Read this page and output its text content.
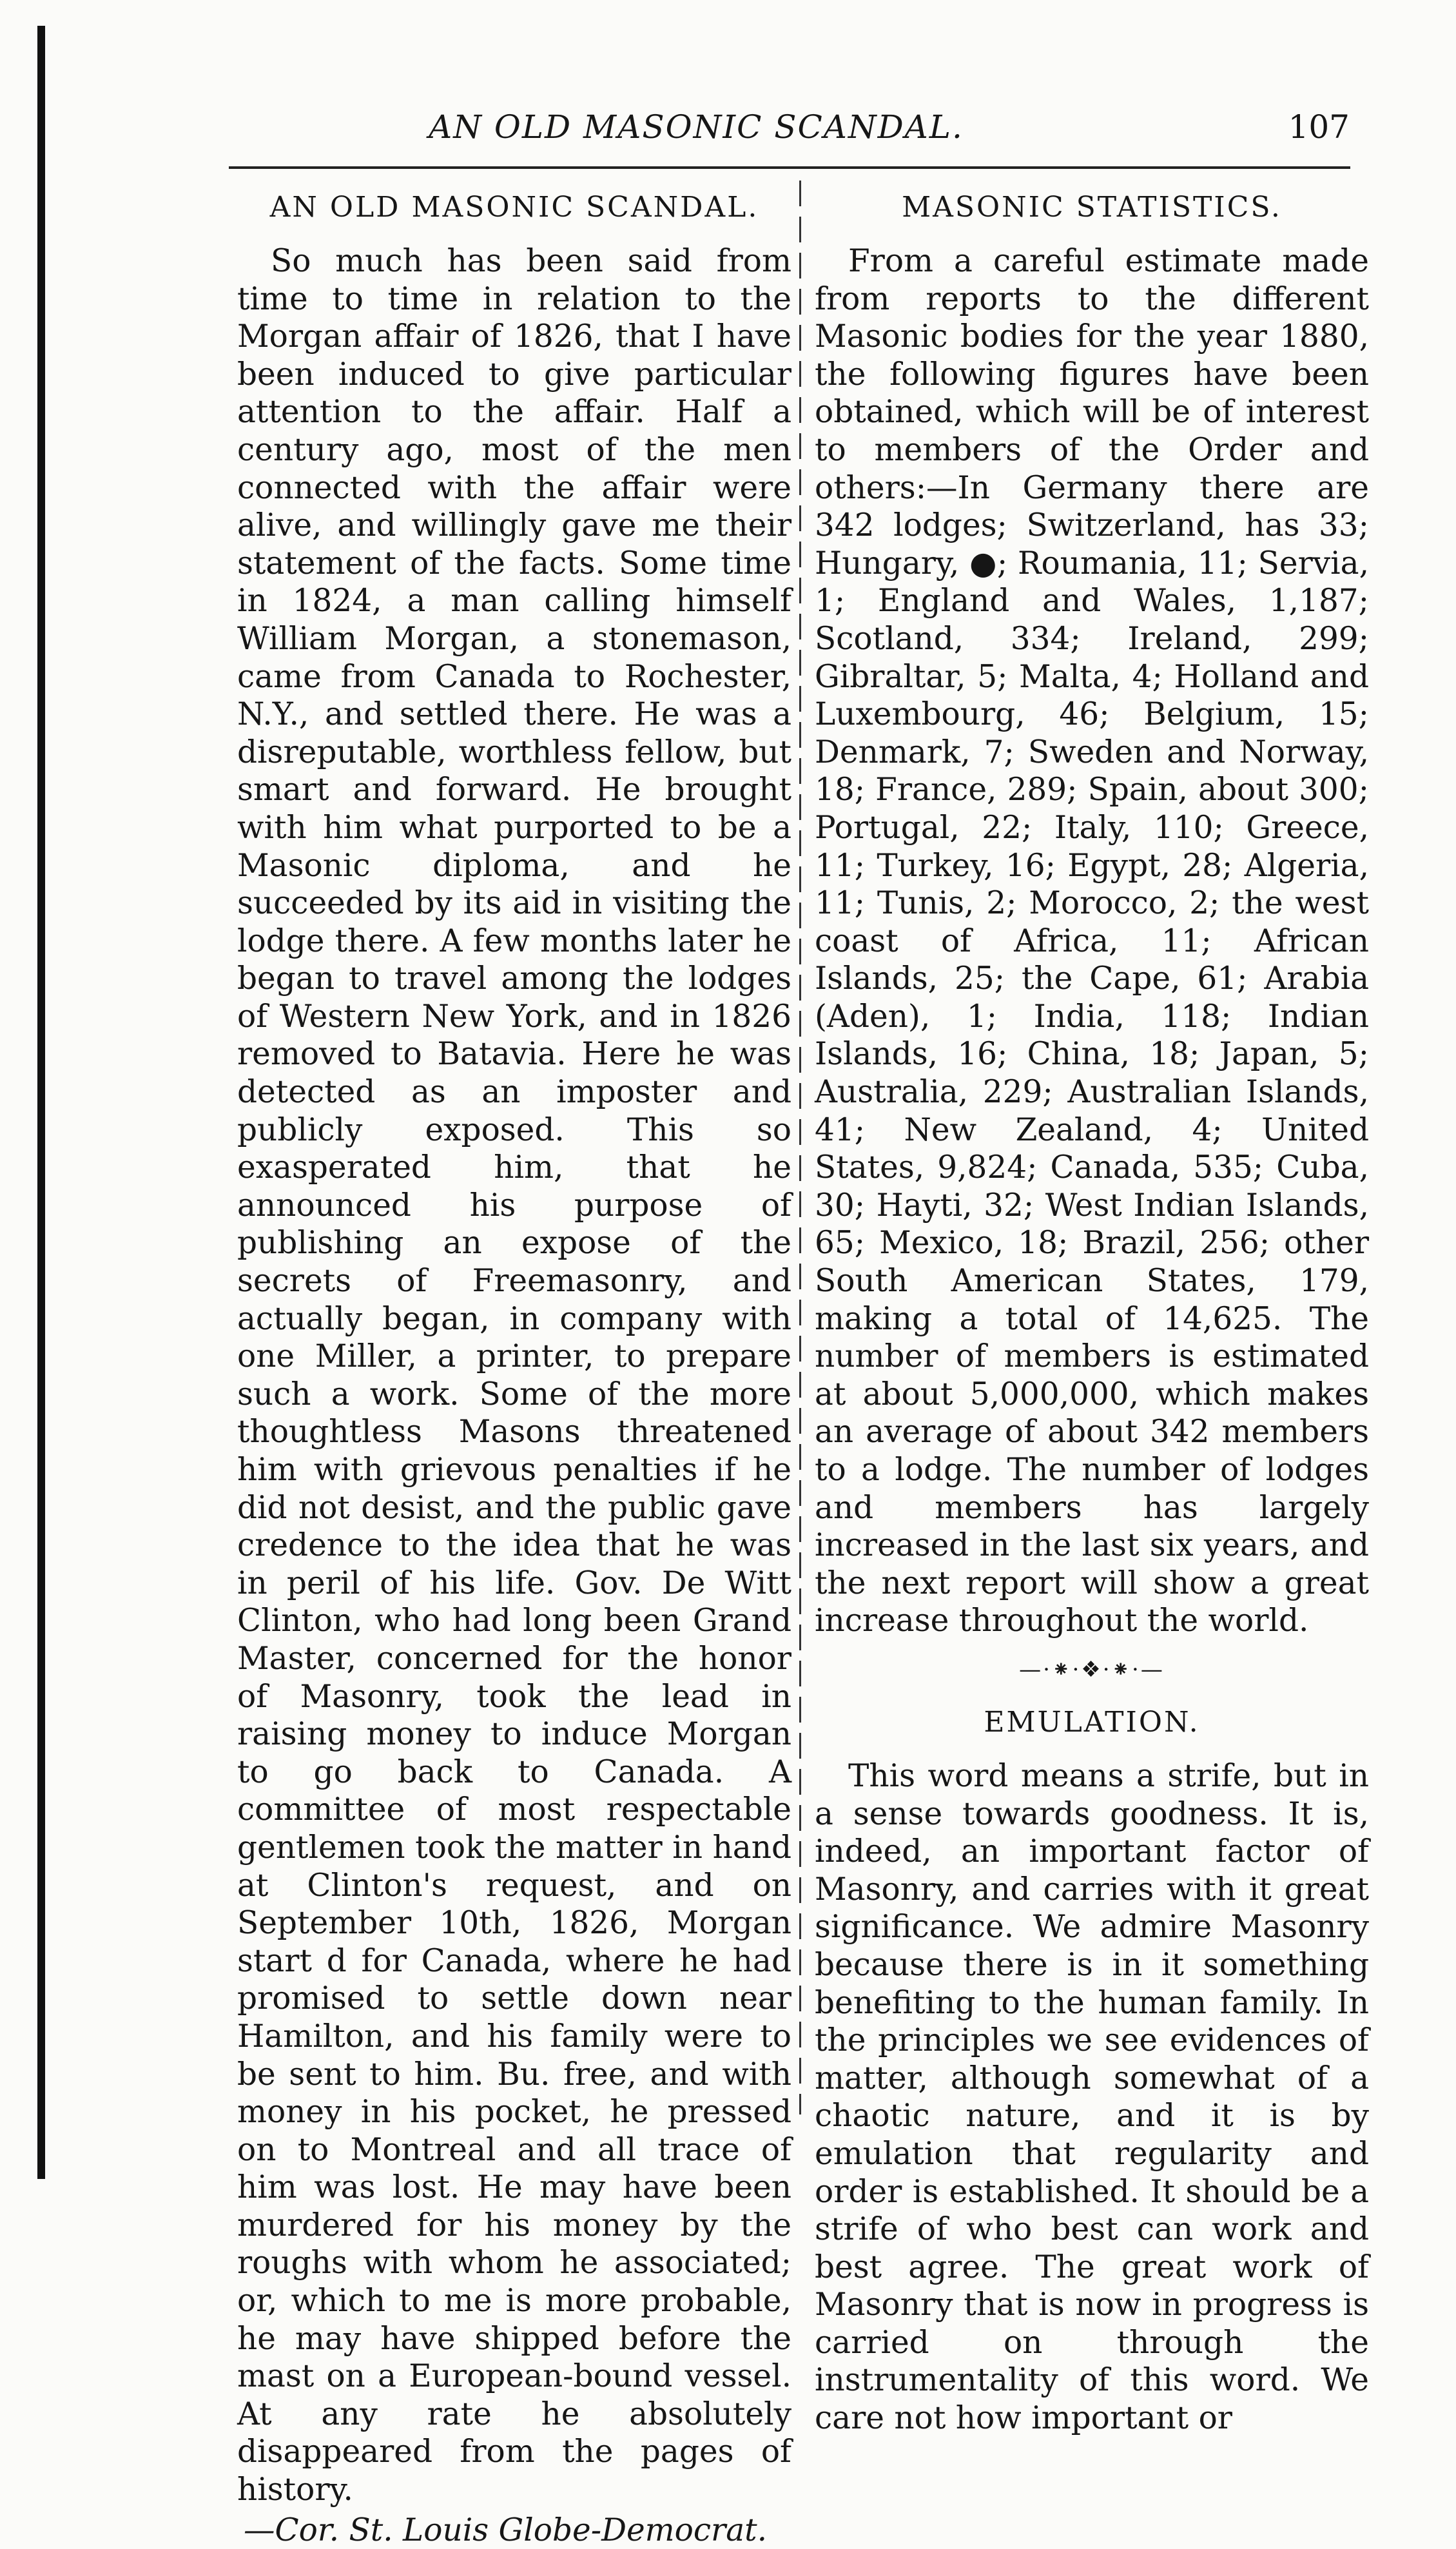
AN OLD MASONIC SCANDAL.	107
AN OLD MASONIC SCANDAL.

So much has been said from time to time in relation to the Morgan affair of 1826, that I have been induced to give particular attention to the affair. Half a century ago, most of the men connected with the affair were alive, and willingly gave me their statement of the facts. Some time in 1824, a man calling himself William Morgan, a stonemason, came from Canada to Rochester, N.Y., and settled there. He was a disreputable, worthless fellow, but smart and forward. He brought with him what purported to be a Masonic diploma, and he succeeded by its aid in visiting the lodge there. A few months later he began to travel among the lodges of Western New York, and in 1826 removed to Batavia. Here he was detected as an imposter and publicly exposed. This so exasperated him, that he announced his purpose of publishing an expose of the secrets of Freemasonry, and actually began, in company with one Miller, a printer, to prepare such a work. Some of the more thoughtless Masons threatened him with grievous penalties if he did not desist, and the public gave credence to the idea that he was in peril of his life. Gov. De Witt Clinton, who had long been Grand Master, concerned for the honor of Masonry, took the lead in raising money to induce Morgan to go back to Canada. A committee of most respectable gentlemen took the matter in hand at Clinton's request, and on September 10th, 1826, Morgan start d for Canada, where he had promised to settle down near Hamilton, and his family were to be sent to him. Bu. free, and with money in his pocket, he pressed on to Montreal and all trace of him was lost. He may have been murdered for his money by the roughs with whom he associated; or, which to me is more probable, he may have shipped before the mast on a European-bound vessel. At any rate he absolutely disappeared from the pages of history.

—Cor. St. Louis Globe-Democrat.

MASONIC STATISTICS.

From a careful estimate made from reports to the different Masonic bodies for the year 1880, the following figures have been obtained, which will be of interest to members of the Order and others:—In Germany there are 342 lodges; Switzerland, has 33; Hungary, ●; Roumania, 11; Servia, 1; England and Wales, 1,187; Scotland, 334; Ireland, 299; Gibraltar, 5; Malta, 4; Holland and Luxembourg, 46; Belgium, 15; Denmark, 7; Sweden and Norway, 18; France, 289; Spain, about 300; Portugal, 22; Italy, 110; Greece, 11; Turkey, 16; Egypt, 28; Algeria, 11; Tunis, 2; Morocco, 2; the west coast of Africa, 11; African Islands, 25; the Cape, 61; Arabia (Aden), 1; India, 118; Indian Islands, 16; China, 18; Japan, 5; Australia, 229; Australian Islands, 41; New Zealand, 4; United States, 9,824; Canada, 535; Cuba, 30; Hayti, 32; West Indian Islands, 65; Mexico, 18; Brazil, 256; other South American States, 179, making a total of 14,625. The number of members is estimated at about 5,000,000, which makes an average of about 342 members to a lodge. The number of lodges and members has largely increased in the last six years, and the next report will show a great increase throughout the world.

—·⁕·❖·⁕·—
EMULATION.

This word means a strife, but in a sense towards goodness. It is, indeed, an important factor of Masonry, and carries with it great significance. We admire Masonry because there is in it something benefiting to the human family. In the principles we see evidences of matter, although somewhat of a chaotic nature, and it is by emulation that regularity and order is established. It should be a strife of who best can work and best agree. The great work of Masonry that is now in progress is carried on through the instrumentality of this word. We care not how important or
